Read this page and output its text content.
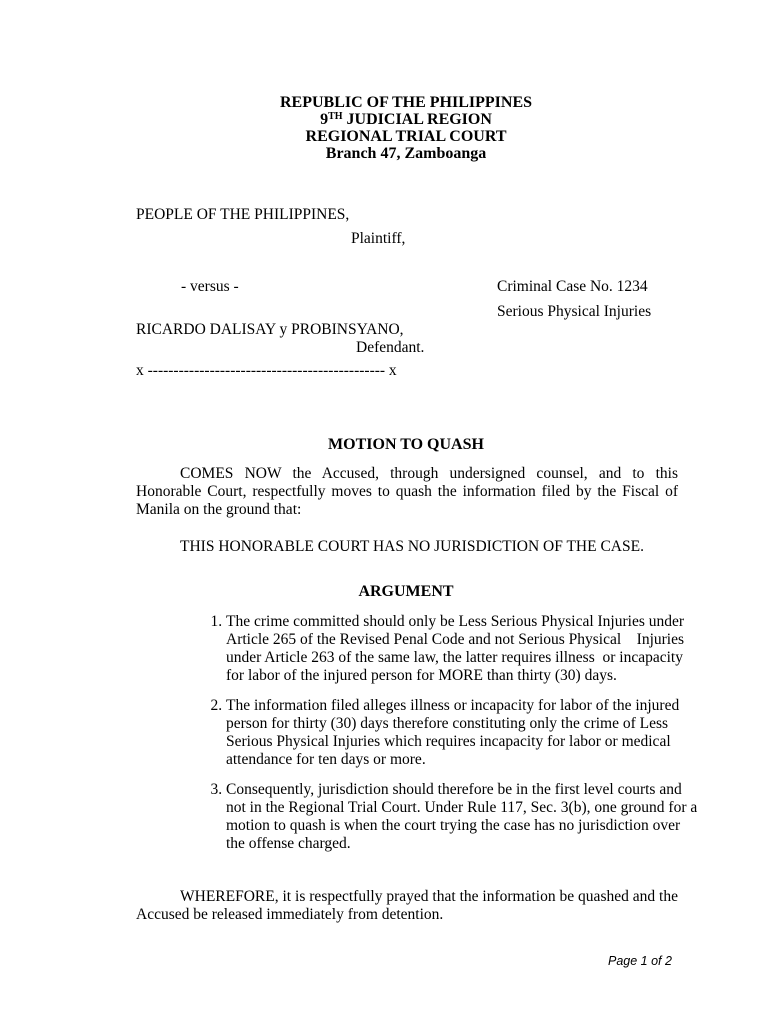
REPUBLIC OF THE PHILIPPINES
9TH JUDICIAL REGION
REGIONAL TRIAL COURT
Branch 47, Zamboanga
PEOPLE OF THE PHILIPPINES,
Plaintiff,
- versus -	Criminal Case No. 1234
Serious Physical Injuries
RICARDO DALISAY y PROBINSYANO,
Defendant.
x ---------------------------------------------- x
MOTION TO QUASH
COMES NOW the Accused, through undersigned counsel, and to this Honorable Court, respectfully moves to quash the information filed by the Fiscal of Manila on the ground that:
THIS HONORABLE COURT HAS NO JURISDICTION OF THE CASE.
ARGUMENT
1. The crime committed should only be Less Serious Physical Injuries under Article 265 of the Revised Penal Code and not Serious Physical    Injuries under Article 263 of the same law, the latter requires illness  or incapacity for labor of the injured person for MORE than thirty (30) days.
2. The information filed alleges illness or incapacity for labor of the injured person for thirty (30) days therefore constituting only the crime of Less Serious Physical Injuries which requires incapacity for labor or medical attendance for ten days or more.
3. Consequently, jurisdiction should therefore be in the first level courts and not in the Regional Trial Court. Under Rule 117, Sec. 3(b), one ground for a motion to quash is when the court trying the case has no jurisdiction over the offense charged.
WHEREFORE, it is respectfully prayed that the information be quashed and the Accused be released immediately from detention.
Page 1 of 2
